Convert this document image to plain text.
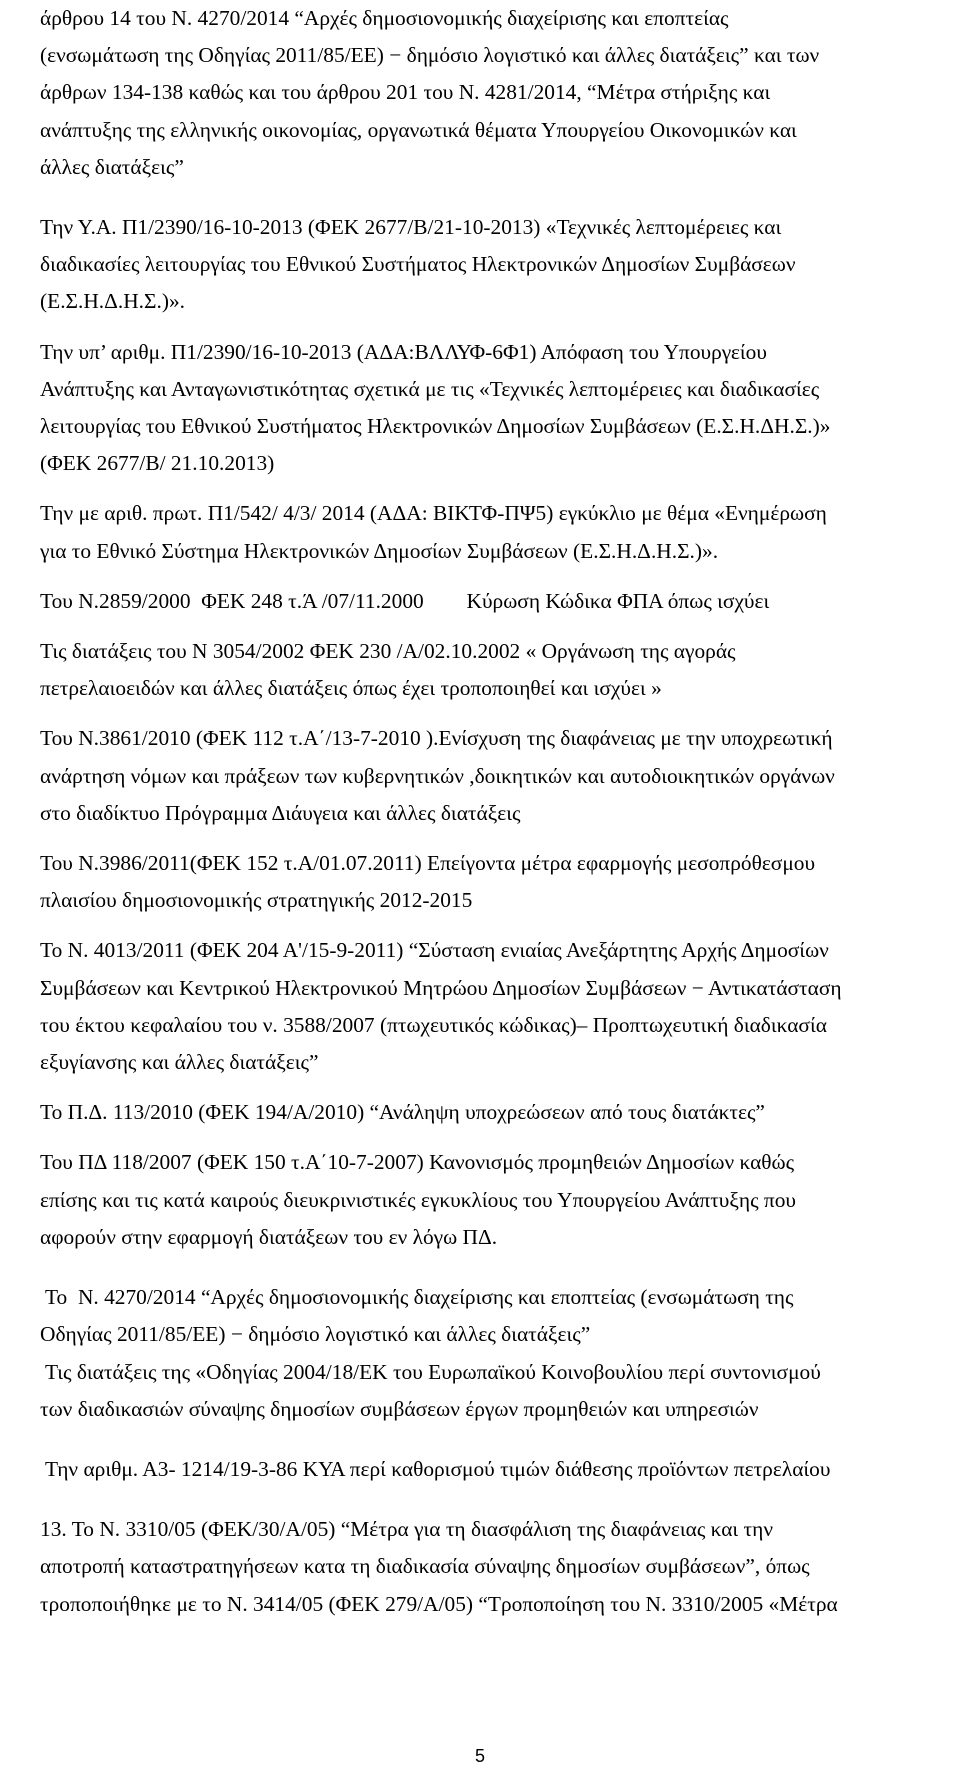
άρθρου 14 του Ν. 4270/2014 “Αρχές δημοσιονομικής διαχείρισης και εποπτείας
(ενσωμάτωση της Οδηγίας 2011/85/ΕΕ) − δημόσιο λογιστικό και άλλες διατάξεις” και των
άρθρων 134-138 καθώς και του άρθρου 201 του Ν. 4281/2014, “Μέτρα στήριξης και
ανάπτυξης της ελληνικής οικονομίας, οργανωτικά θέματα Υπουργείου Οικονομικών και
άλλες διατάξεις”
Την Υ.Α. Π1/2390/16-10-2013 (ΦΕΚ 2677/Β/21-10-2013) «Τεχνικές λεπτομέρειες και
διαδικασίες λειτουργίας του Εθνικού Συστήματος Ηλεκτρονικών Δημοσίων Συμβάσεων
(Ε.Σ.Η.Δ.Η.Σ.)».
Την υπ’ αριθμ. Π1/2390/16-10-2013 (ΑΔΑ:ΒΛΛΥΦ-6Φ1) Απόφαση του Υπουργείου
Ανάπτυξης και Ανταγωνιστικότητας σχετικά με τις «Τεχνικές λεπτομέρειες και διαδικασίες
λειτουργίας του Εθνικού Συστήματος Ηλεκτρονικών Δημοσίων Συμβάσεων (Ε.Σ.Η.ΔΗ.Σ.)»
(ΦΕΚ 2677/Β/ 21.10.2013)
Την με αριθ. πρωτ. Π1/542/ 4/3/ 2014 (ΑΔΑ: ΒΙΚΤΦ-ΠΨ5) εγκύκλιο με θέμα «Ενημέρωση
για το Εθνικό Σύστημα Ηλεκτρονικών Δημοσίων Συμβάσεων (Ε.Σ.Η.Δ.Η.Σ.)».
Του Ν.2859/2000  ΦΕΚ 248 τ.Ά /07/11.2000        Κύρωση Κώδικα ΦΠΑ όπως ισχύει
Τις διατάξεις του Ν 3054/2002 ΦΕΚ 230 /Α/02.10.2002 « Οργάνωση της αγοράς
πετρελαιοειδών και άλλες διατάξεις όπως έχει τροποποιηθεί και ισχύει »
Του Ν.3861/2010 (ΦΕΚ 112 τ.Α΄/13-7-2010 ).Ενίσχυση της διαφάνειας με την υποχρεωτική
ανάρτηση νόμων και πράξεων των κυβερνητικών ,δοικητικών και αυτοδιοικητικών οργάνων
στο διαδίκτυο Πρόγραμμα Διάυγεια και άλλες διατάξεις
Του Ν.3986/2011(ΦΕΚ 152 τ.Α/01.07.2011) Επείγοντα μέτρα εφαρμογής μεσοπρόθεσμου
πλαισίου δημοσιονομικής στρατηγικής 2012-2015
Το Ν. 4013/2011 (ΦΕΚ 204 Α'/15-9-2011) “Σύσταση ενιαίας Ανεξάρτητης Αρχής Δημοσίων
Συμβάσεων και Κεντρικού Ηλεκτρονικού Μητρώου Δημοσίων Συμβάσεων − Αντικατάσταση
του έκτου κεφαλαίου του ν. 3588/2007 (πτωχευτικός κώδικας)– Προπτωχευτική διαδικασία
εξυγίανσης και άλλες διατάξεις”
Το Π.Δ. 113/2010 (ΦΕΚ 194/Α/2010) “Ανάληψη υποχρεώσεων από τους διατάκτες”
Του ΠΔ 118/2007 (ΦΕΚ 150 τ.Α΄10-7-2007) Κανονισμός προμηθειών Δημοσίων καθώς
επίσης και τις κατά καιρούς διευκρινιστικές εγκυκλίους του Υπουργείου Ανάπτυξης που
αφορούν στην εφαρμογή διατάξεων του εν λόγω ΠΔ.
Το  Ν. 4270/2014 “Αρχές δημοσιονομικής διαχείρισης και εποπτείας (ενσωμάτωση της
Οδηγίας 2011/85/ΕΕ) − δημόσιο λογιστικό και άλλες διατάξεις”
Τις διατάξεις της «Οδηγίας 2004/18/ΕΚ του Ευρωπαϊκού Κοινοβουλίου περί συντονισμού
των διαδικασιών σύναψης δημοσίων συμβάσεων έργων προμηθειών και υπηρεσιών
Την αριθμ. Α3- 1214/19-3-86 ΚΥΑ περί καθορισμού τιμών διάθεσης προϊόντων πετρελαίου
13. Το Ν. 3310/05 (ΦΕΚ/30/Α/05) “Μέτρα για τη διασφάλιση της διαφάνειας και την
αποτροπή καταστρατηγήσεων κατα τη διαδικασία σύναψης δημοσίων συμβάσεων”, όπως
τροποποιήθηκε με το Ν. 3414/05 (ΦΕΚ 279/Α/05) “Τροποποίηση του Ν. 3310/2005 «Μέτρα
5
